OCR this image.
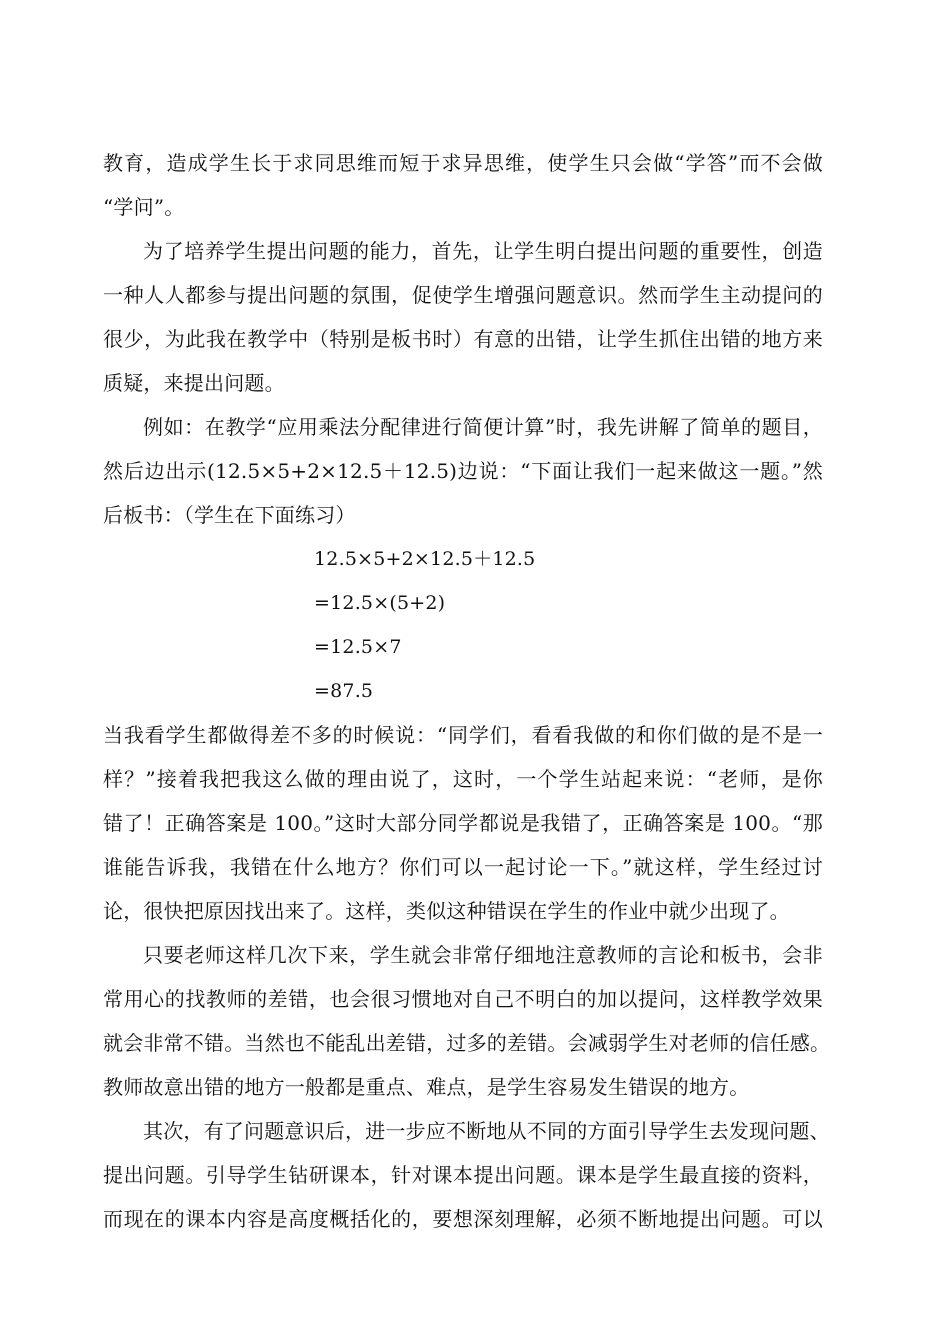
教育，造成学生长于求同思维而短于求异思维，使学生只会做“学答”而不会做
“学问”。
为了培养学生提出问题的能力，首先，让学生明白提出问题的重要性，创造
一种人人都参与提出问题的氛围，促使学生增强问题意识。然而学生主动提问的
很少，为此我在教学中（特别是板书时）有意的出错，让学生抓住出错的地方来
质疑，来提出问题。
例如：在教学“应用乘法分配律进行简便计算”时，我先讲解了简单的题目，
然后边出示(12.5×5+2×12.5＋12.5)边说：“下面让我们一起来做这一题。”然
后板书：（学生在下面练习）
12.5×5+2×12.5＋12.5
=12.5×(5+2)
=12.5×7
=87.5
当我看学生都做得差不多的时候说：“同学们，看看我做的和你们做的是不是一
样？”接着我把我这么做的理由说了，这时，一个学生站起来说：“老师，是你
错了！正确答案是 100。”这时大部分同学都说是我错了，正确答案是 100。“那
谁能告诉我，我错在什么地方？你们可以一起讨论一下。”就这样，学生经过讨
论，很快把原因找出来了。这样，类似这种错误在学生的作业中就少出现了。
只要老师这样几次下来，学生就会非常仔细地注意教师的言论和板书，会非
常用心的找教师的差错，也会很习惯地对自己不明白的加以提问，这样教学效果
就会非常不错。当然也不能乱出差错，过多的差错。会减弱学生对老师的信任感。
教师故意出错的地方一般都是重点、难点，是学生容易发生错误的地方。
其次，有了问题意识后，进一步应不断地从不同的方面引导学生去发现问题、
提出问题。引导学生钻研课本，针对课本提出问题。课本是学生最直接的资料，
而现在的课本内容是高度概括化的，要想深刻理解，必须不断地提出问题。可以
